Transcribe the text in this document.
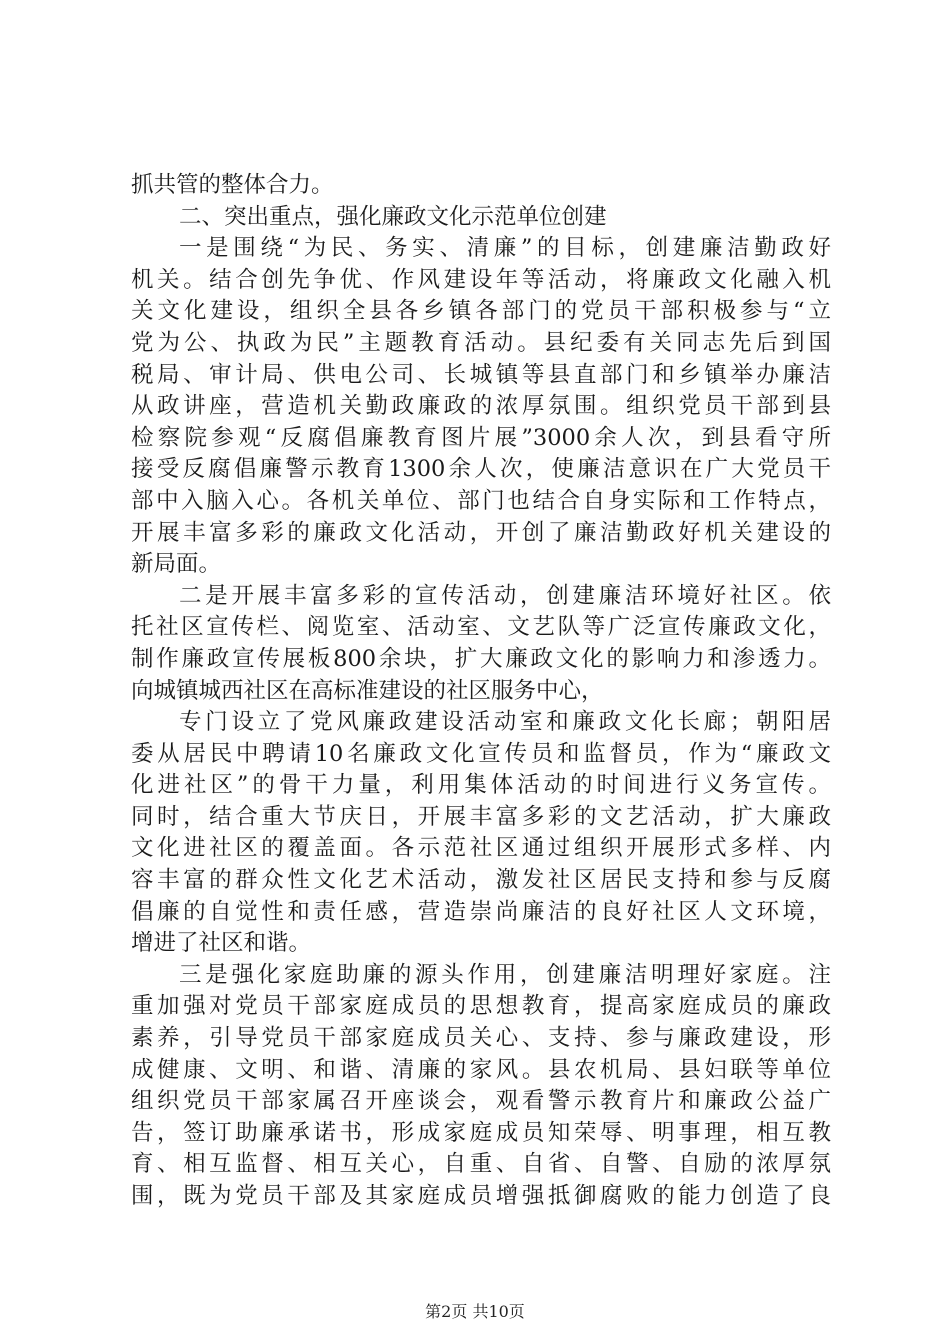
抓共管的整体合力。
二、突出重点，强化廉政文化示范单位创建
一是围绕“为民、务实、清廉”的目标，创建廉洁勤政好
机关。结合创先争优、作风建设年等活动，将廉政文化融入机
关文化建设，组织全县各乡镇各部门的党员干部积极参与“立
党为公、执政为民”主题教育活动。县纪委有关同志先后到国
税局、审计局、供电公司、长城镇等县直部门和乡镇举办廉洁
从政讲座，营造机关勤政廉政的浓厚氛围。组织党员干部到县
检察院参观“反腐倡廉教育图片展”3000余人次，到县看守所
接受反腐倡廉警示教育1300余人次，使廉洁意识在广大党员干
部中入脑入心。各机关单位、部门也结合自身实际和工作特点，
开展丰富多彩的廉政文化活动，开创了廉洁勤政好机关建设的
新局面。
二是开展丰富多彩的宣传活动，创建廉洁环境好社区。依
托社区宣传栏、阅览室、活动室、文艺队等广泛宣传廉政文化，
制作廉政宣传展板800余块，扩大廉政文化的影响力和渗透力。
向城镇城西社区在高标准建设的社区服务中心，
专门设立了党风廉政建设活动室和廉政文化长廊；朝阳居
委从居民中聘请10名廉政文化宣传员和监督员，作为“廉政文
化进社区”的骨干力量，利用集体活动的时间进行义务宣传。
同时，结合重大节庆日，开展丰富多彩的文艺活动，扩大廉政
文化进社区的覆盖面。各示范社区通过组织开展形式多样、内
容丰富的群众性文化艺术活动，激发社区居民支持和参与反腐
倡廉的自觉性和责任感，营造崇尚廉洁的良好社区人文环境，
增进了社区和谐。
三是强化家庭助廉的源头作用，创建廉洁明理好家庭。注
重加强对党员干部家庭成员的思想教育，提高家庭成员的廉政
素养，引导党员干部家庭成员关心、支持、参与廉政建设，形
成健康、文明、和谐、清廉的家风。县农机局、县妇联等单位
组织党员干部家属召开座谈会，观看警示教育片和廉政公益广
告，签订助廉承诺书，形成家庭成员知荣辱、明事理，相互教
育、相互监督、相互关心，自重、自省、自警、自励的浓厚氛
围，既为党员干部及其家庭成员增强抵御腐败的能力创造了良
第2页 共10页
